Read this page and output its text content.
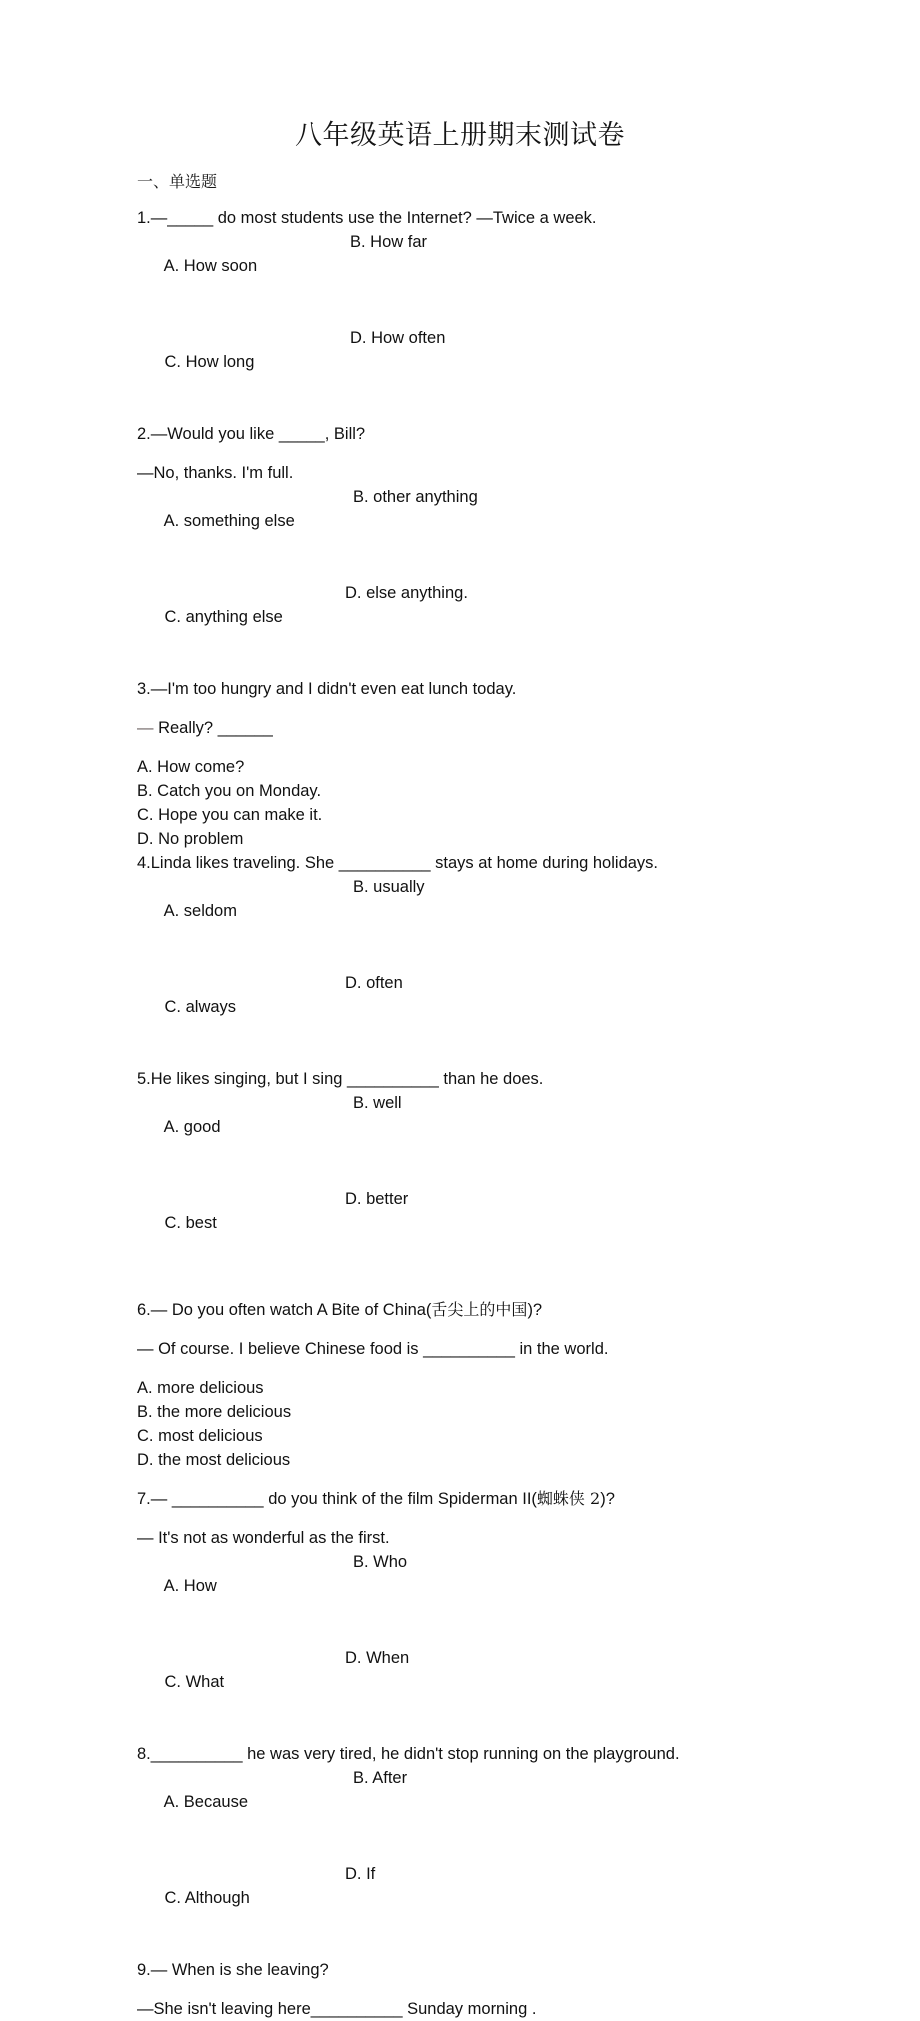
八年级英语上册期末测试卷
一、单选题
1.—_____ do most students use the Internet? —Twice a week.

A. How soon

B. How far

C. How long

D. How often

2.—Would you like _____, Bill?
—No, thanks. I'm full.

A. something else

B. other anything

C. anything else

D. else anything.

3.—I'm too hungry and I didn't even eat lunch today.
— Really? ______
A. How come?
B. Catch you on Monday.
C. Hope you can make it.
D. No problem
4.Linda likes traveling. She __________ stays at home during holidays.

A. seldom

B. usually

C. always

D. often

5.He likes singing, but I sing __________ than he does.

A. good

B. well

C. best

D. better

6.— Do you often watch A Bite of China(舌尖上的中国)?
— Of course. I believe Chinese food is __________ in the world.
A. more delicious
B. the more delicious
C. most delicious
D. the most delicious
7.— __________ do you think of the film Spiderman II(蜘蛛侠 2)?
— It's not as wonderful as the first.

A. How

B. Who

C. What

D. When

8.__________ he was very tired, he didn't stop running on the playground.

A. Because

B. After

C. Although

D. If

9.— When is she leaving?
—She isn't leaving here__________ Sunday morning .
